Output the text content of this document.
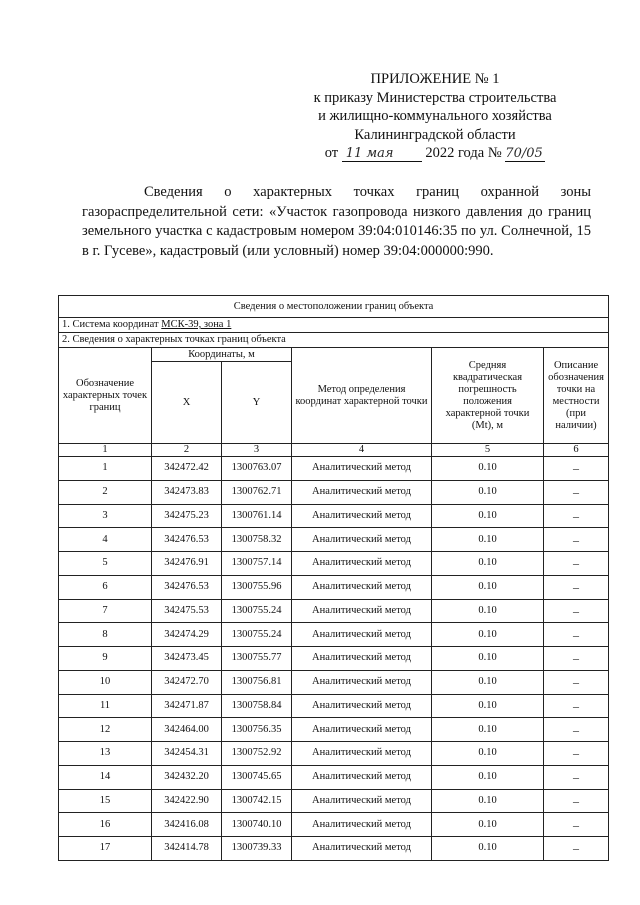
ПРИЛОЖЕНИЕ № 1
к приказу Министерства строительства
и жилищно-коммунального хозяйства
Калининградской области
от 11 мая 2022 года № 70/05

Сведения о характерных точках границ охранной зоны газораспределительной сети: «Участок газопровода низкого давления до границ земельного участка с кадастровым номером 39:04:010146:35 по ул. Солнечной, 15 в г. Гусеве», кадастровый (или условный) номер 39:04:000000:990.

Сведения о местоположении границ объекта					
1. Система координат МСК-39, зона 1					
2. Сведения о характерных точках границ объекта					
Обозначение характерных точек границ	Координаты, м		Метод определения координат характерной точки	Средняя квадратическая погрешность положения характерной точки (Mt), м	Описание обозначения точки на местности (при наличии)
	X	Y			
1	2	3	4	5	6
1	342472.42	1300763.07	Аналитический метод	0.10	–
2	342473.83	1300762.71	Аналитический метод	0.10	–
3	342475.23	1300761.14	Аналитический метод	0.10	–
4	342476.53	1300758.32	Аналитический метод	0.10	–
5	342476.91	1300757.14	Аналитический метод	0.10	–
6	342476.53	1300755.96	Аналитический метод	0.10	–
7	342475.53	1300755.24	Аналитический метод	0.10	–
8	342474.29	1300755.24	Аналитический метод	0.10	–
9	342473.45	1300755.77	Аналитический метод	0.10	–
10	342472.70	1300756.81	Аналитический метод	0.10	–
11	342471.87	1300758.84	Аналитический метод	0.10	–
12	342464.00	1300756.35	Аналитический метод	0.10	–
13	342454.31	1300752.92	Аналитический метод	0.10	–
14	342432.20	1300745.65	Аналитический метод	0.10	–
15	342422.90	1300742.15	Аналитический метод	0.10	–
16	342416.08	1300740.10	Аналитический метод	0.10	–
17	342414.78	1300739.33	Аналитический метод	0.10	–
